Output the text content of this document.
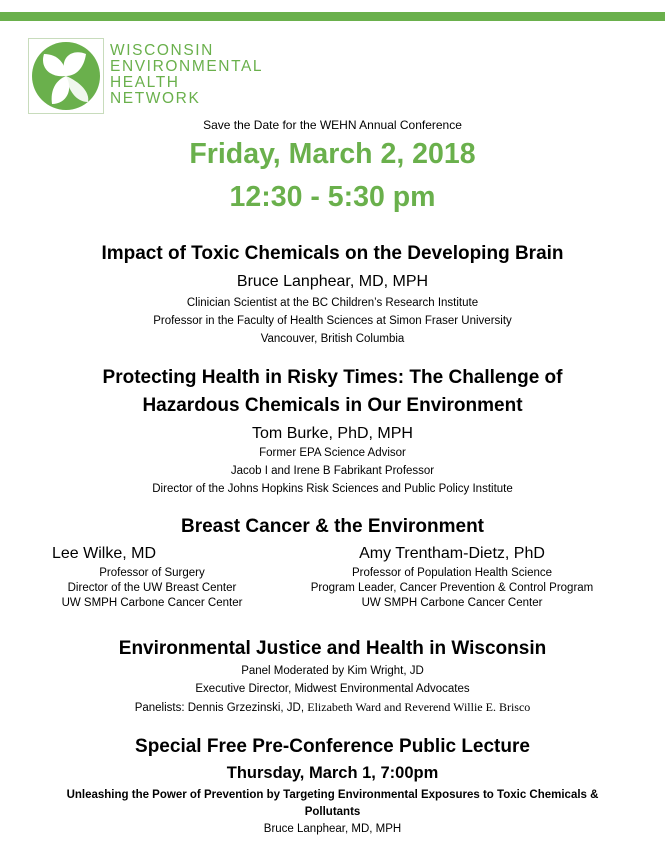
WISCONSIN
ENVIRONMENTAL
HEALTH
NETWORK
Save the Date for the WEHN Annual Conference
Friday, March 2, 2018
12:30 - 5:30 pm
Impact of Toxic Chemicals on the Developing Brain
Bruce Lanphear, MD, MPH
Clinician Scientist at the BC Children’s Research Institute
Professor in the Faculty of Health Sciences at Simon Fraser University
Vancouver, British Columbia
Protecting Health in Risky Times: The Challenge of
Hazardous Chemicals in Our Environment
Tom Burke, PhD, MPH
Former EPA Science Advisor
Jacob I and Irene B Fabrikant Professor
Director of the Johns Hopkins Risk Sciences and Public Policy Institute
Breast Cancer & the Environment
Lee Wilke, MD
Professor of Surgery
Director of the UW Breast Center
UW SMPH Carbone Cancer Center
Amy Trentham-Dietz, PhD
Professor of Population Health Science
Program Leader, Cancer Prevention & Control Program
UW SMPH Carbone Cancer Center
Environmental Justice and Health in Wisconsin
Panel Moderated by Kim Wright, JD
Executive Director, Midwest Environmental Advocates
Panelists: Dennis Grzezinski, JD, Elizabeth Ward and Reverend Willie E. Brisco
Special Free Pre-Conference Public Lecture
Thursday, March 1, 7:00pm
Unleashing the Power of Prevention by Targeting Environmental Exposures to Toxic Chemicals &
Pollutants
Bruce Lanphear, MD, MPH
